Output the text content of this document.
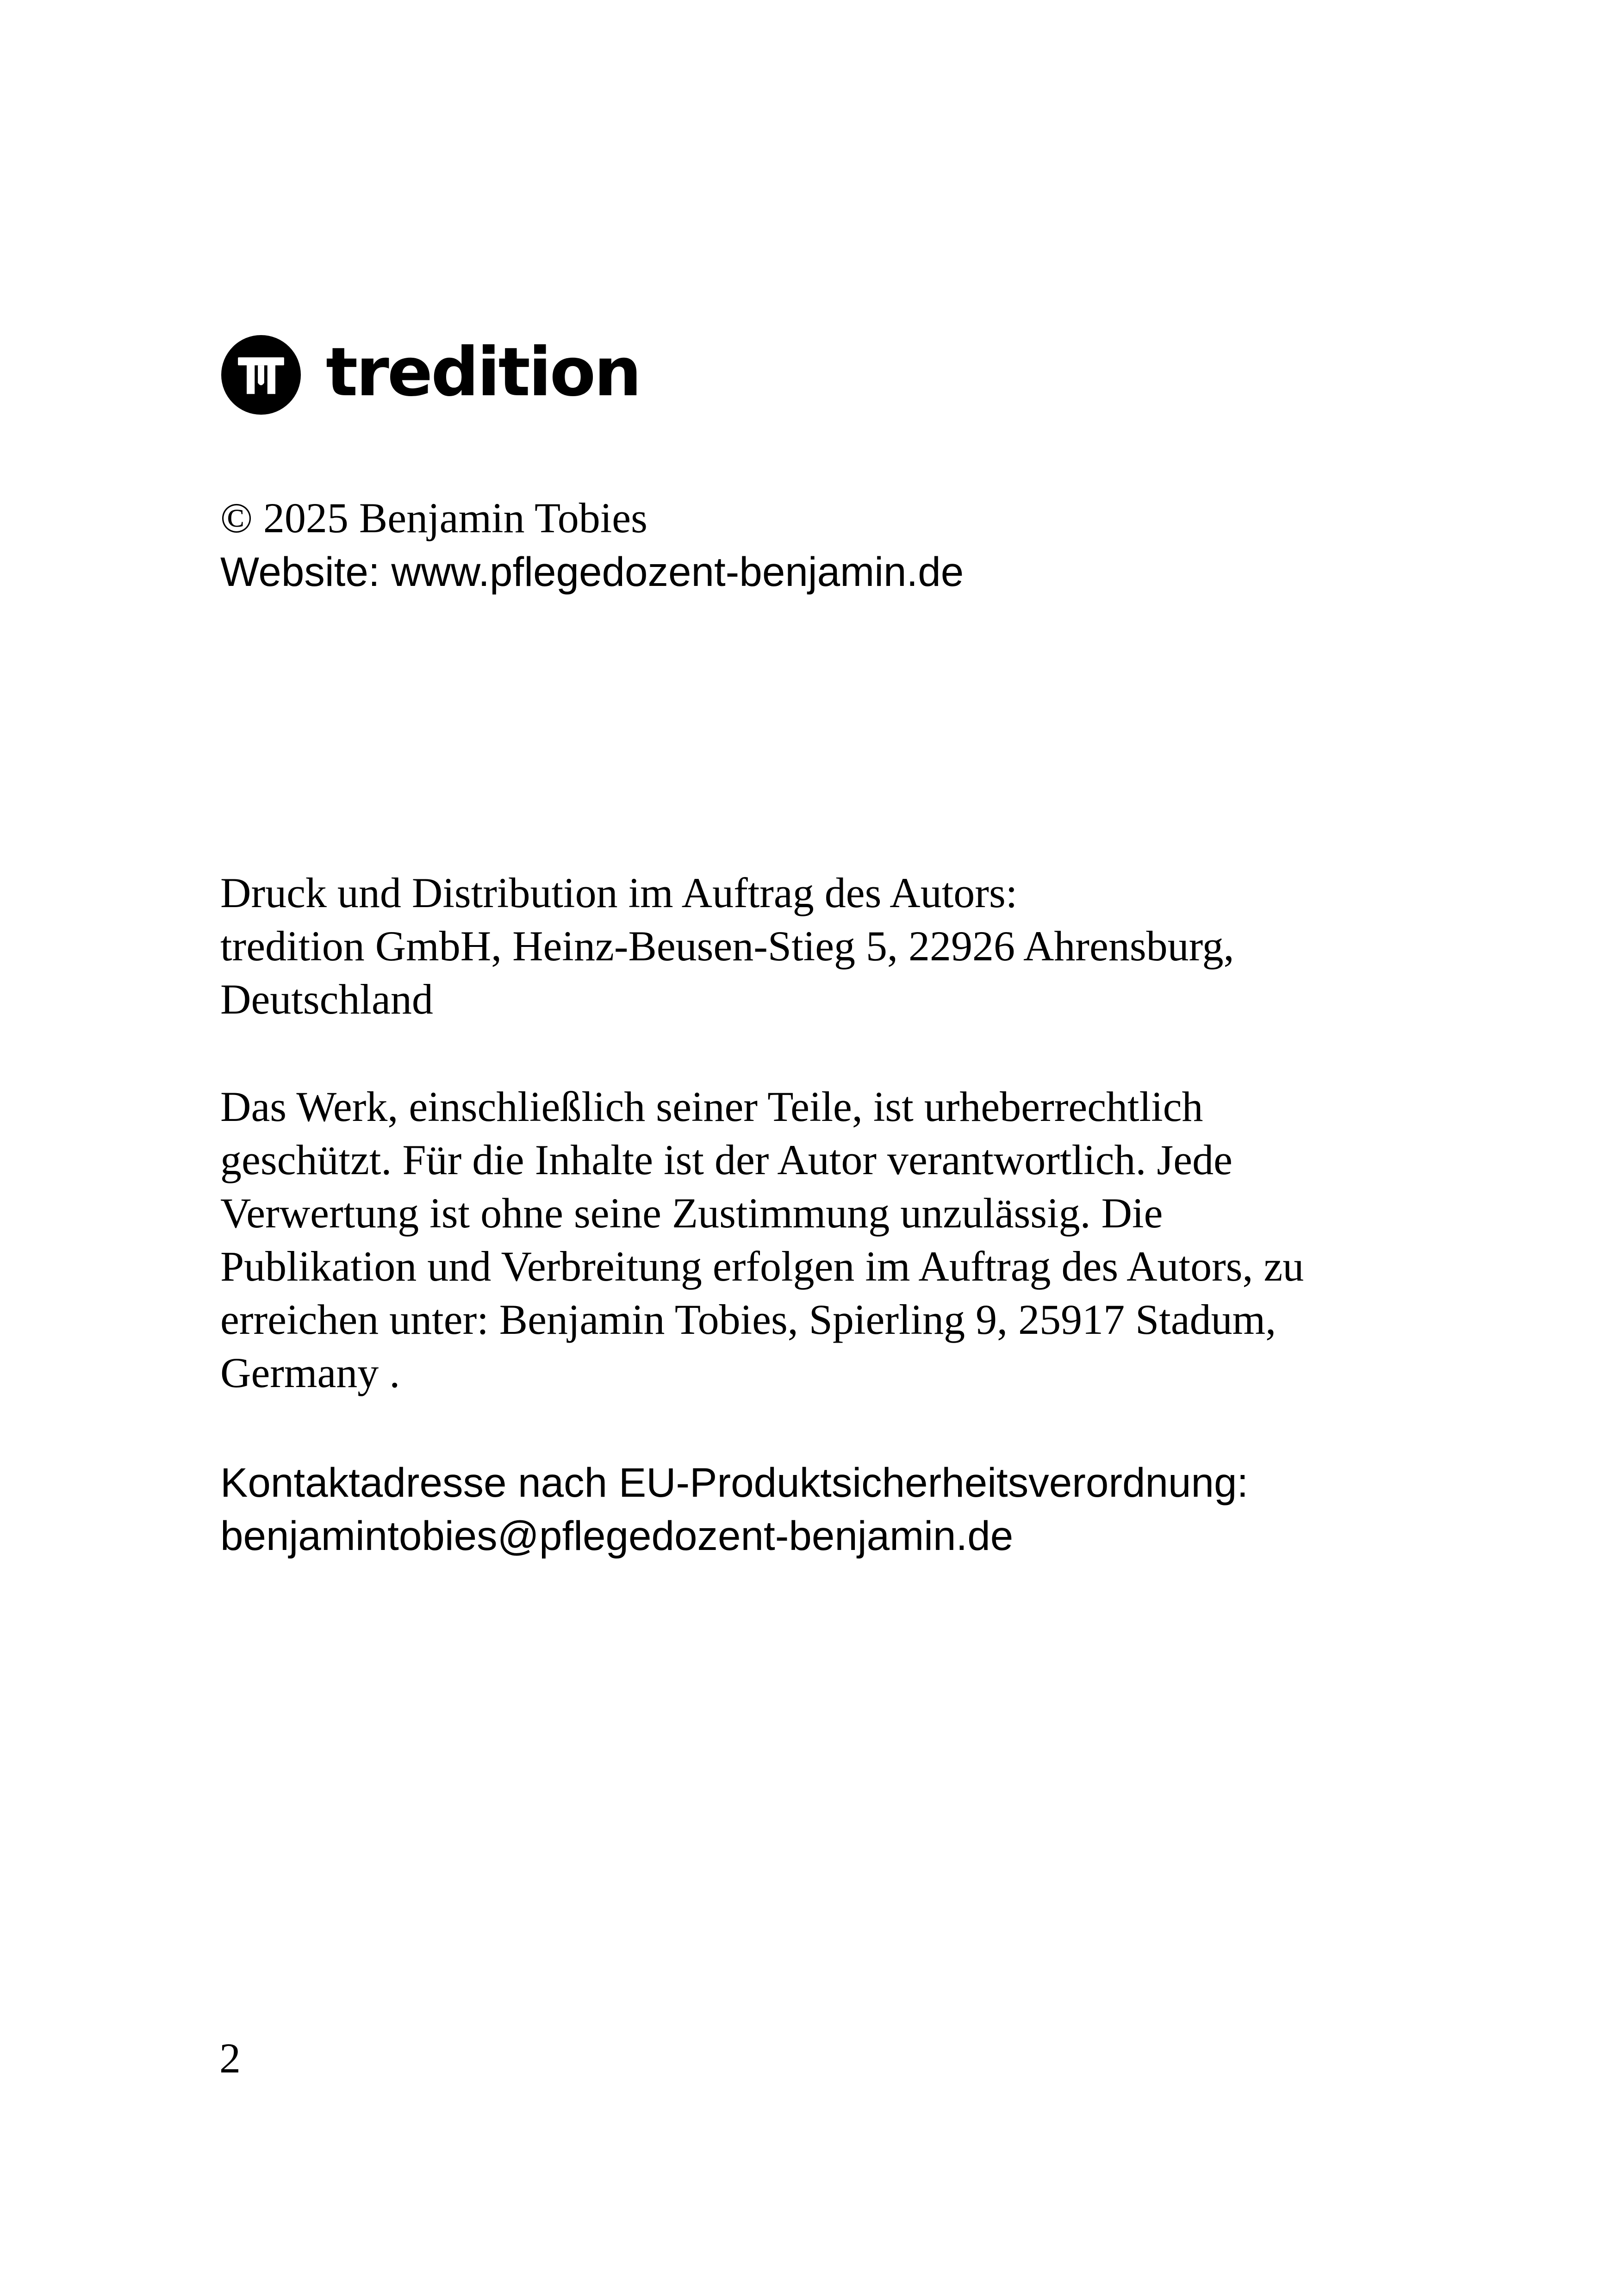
tredition
© 2025 Benjamin Tobies
Website: www.pflegedozent-benjamin.de
Druck und Distribution im Auftrag des Autors:
tredition GmbH, Heinz-Beusen-Stieg 5, 22926 Ahrensburg,
Deutschland
Das Werk, einschließlich seiner Teile, ist urheberrechtlich
geschützt. Für die Inhalte ist der Autor verantwortlich. Jede
Verwertung ist ohne seine Zustimmung unzulässig. Die
Publikation und Verbreitung erfolgen im Auftrag des Autors, zu
erreichen unter: Benjamin Tobies, Spierling 9, 25917 Stadum,
Germany .
Kontaktadresse nach EU-Produktsicherheitsverordnung:
benjamintobies@pflegedozent-benjamin.de
2
